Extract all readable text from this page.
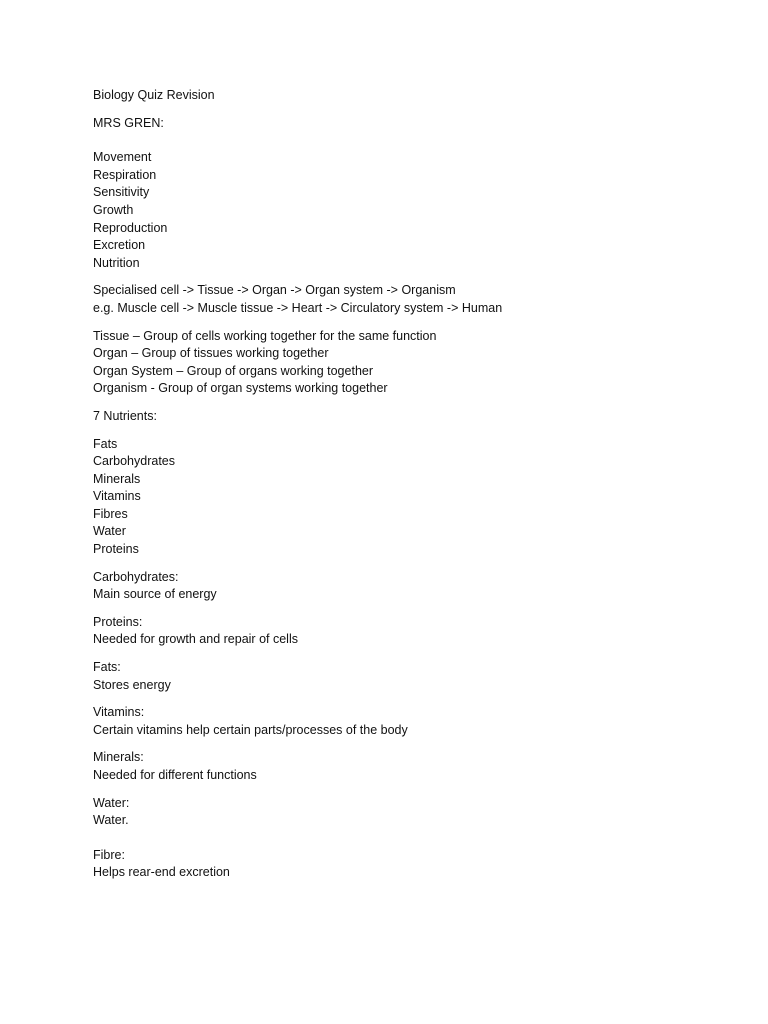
Biology Quiz Revision
MRS GREN:
Movement
Respiration
Sensitivity
Growth
Reproduction
Excretion
Nutrition
Specialised cell -> Tissue -> Organ -> Organ system -> Organism
e.g. Muscle cell -> Muscle tissue -> Heart -> Circulatory system -> Human
Tissue – Group of cells working together for the same function
Organ – Group of tissues working together
Organ System – Group of organs working together
Organism - Group of organ systems working together
7 Nutrients:
Fats
Carbohydrates
Minerals
Vitamins
Fibres
Water
Proteins
Carbohydrates:
Main source of energy
Proteins:
Needed for growth and repair of cells
Fats:
Stores energy
Vitamins:
Certain vitamins help certain parts/processes of the body
Minerals:
Needed for different functions
Water:
Water.
Fibre:
Helps rear-end excretion
